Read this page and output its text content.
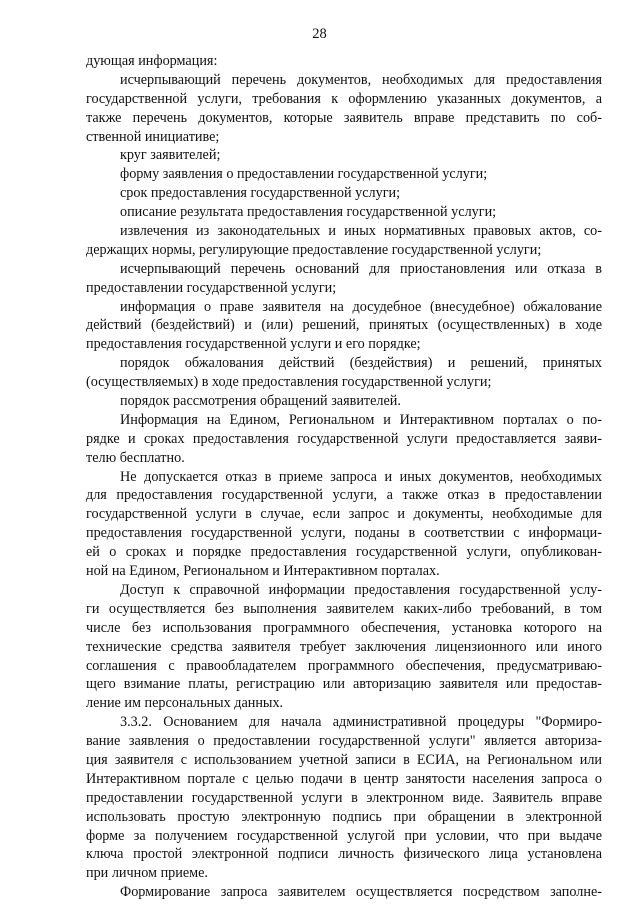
28
дующая информация:
исчерпывающий перечень документов, необходимых для предоставления
государственной услуги, требования к оформлению указанных документов, а
также перечень документов, которые заявитель вправе представить по соб-
ственной инициативе;
круг заявителей;
форму заявления о предоставлении государственной услуги;
срок предоставления государственной услуги;
описание результата предоставления государственной услуги;
извлечения из законодательных и иных нормативных правовых актов, со-
держащих нормы, регулирующие предоставление государственной услуги;
исчерпывающий перечень оснований для приостановления или отказа в
предоставлении государственной услуги;
информация о праве заявителя на досудебное (внесудебное) обжалование
действий (бездействий) и (или) решений, принятых (осуществленных) в ходе
предоставления государственной услуги и его порядке;
порядок обжалования действий (бездействия) и решений, принятых
(осуществляемых) в ходе предоставления государственной услуги;
порядок рассмотрения обращений заявителей.
Информация на Едином, Региональном и Интерактивном порталах о по-
рядке и сроках предоставления государственной услуги предоставляется заяви-
телю бесплатно.
Не допускается отказ в приеме запроса и иных документов, необходимых
для предоставления государственной услуги, а также отказ в предоставлении
государственной услуги в случае, если запрос и документы, необходимые для
предоставления государственной услуги, поданы в соответствии с информаци-
ей о сроках и порядке предоставления государственной услуги, опубликован-
ной на Едином, Региональном и Интерактивном порталах.
Доступ к справочной информации предоставления государственной услу-
ги осуществляется без выполнения заявителем каких-либо требований, в том
числе без использования программного обеспечения, установка которого на
технические средства заявителя требует заключения лицензионного или иного
соглашения с правообладателем программного обеспечения, предусматриваю-
щего взимание платы, регистрацию или авторизацию заявителя или предостав-
ление им персональных данных.
3.3.2. Основанием для начала административной процедуры "Формиро-
вание заявления о предоставлении государственной услуги" является авториза-
ция заявителя с использованием учетной записи в ЕСИА, на Региональном или
Интерактивном портале с целью подачи в центр занятости населения запроса о
предоставлении государственной услуги в электронном виде. Заявитель вправе
использовать простую электронную подпись при обращении в электронной
форме за получением государственной услугой при условии, что при выдаче
ключа простой электронной подписи личность физического лица установлена
при личном приеме.
Формирование запроса заявителем осуществляется посредством заполне-
